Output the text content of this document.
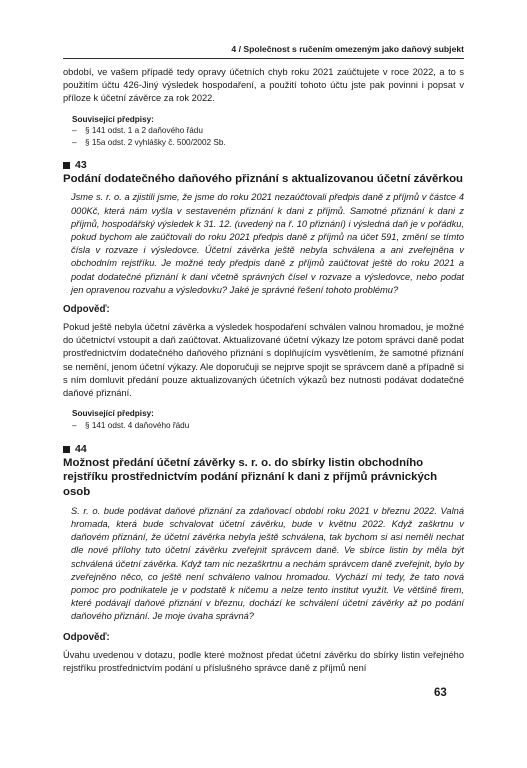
4 / Společnost s ručením omezeným jako daňový subjekt

období, ve vašem případě tedy opravy účetních chyb roku 2021 zaúčtujete v roce 2022, a to s použitím účtu 426-Jiný výsledek hospodaření, a použití tohoto účtu jste pak povinni i popsat v příloze k účetní závěrce za rok 2022.

Související předpisy:
–	§ 141 odst. 1 a 2 daňového řádu
–	§ 15a odst. 2 vyhlášky č. 500/2002 Sb.
43
Podání dodatečného daňového přiznání s aktualizovanou účetní závěrkou

Jsme s. r. o. a zjistili jsme, že jsme do roku 2021 nezaúčtovali předpis daně z příjmů v částce 4 000Kč, která nám vyšla v sestaveném přiznání k dani z příjmů. Samotné přiznání k dani z příjmů, hospodářský výsledek k 31. 12. (uvedený na ř. 10 přiznání) i výsledná daň je v pořádku, pokud bychom ale zaúčtovali do roku 2021 předpis daně z příjmů na účet 591, změní se tímto čísla v rozvaze i výsledovce. Účetní závěrka ještě nebyla schválena a ani zveřejněna v obchodním rejstříku. Je možné tedy předpis daně z příjmů zaúčtovat ještě do roku 2021 a podat dodatečné přiznání k dani včetně správných čísel v rozvaze a výsledovce, nebo podat jen opravenou rozvahu a výsledovku? Jaké je správné řešení tohoto problému?

Odpověď:

Pokud ještě nebyla účetní závěrka a výsledek hospodaření schválen valnou hromadou, je možné do účetnictví vstoupit a daň zaúčtovat. Aktualizované účetní výkazy lze potom správci daně podat prostřednictvím dodatečného daňového přiznání s doplňujícím vysvětlením, že samotné přiznání se nemění, jenom účetní výkazy. Ale doporučuji se nejprve spojit se správcem daně a případně si s ním domluvit předání pouze aktualizovaných účetních výkazů bez nutnosti podávat dodatečné daňové přiznání.

Související předpisy:
–	§ 141 odst. 4 daňového řádu
44
Možnost předání účetní závěrky s. r. o. do sbírky listin obchodního rejstříku prostřednictvím podání přiznání k dani z příjmů právnických osob

S. r. o. bude podávat daňové přiznání za zdaňovací období roku 2021 v březnu 2022. Valná hromada, která bude schvalovat účetní závěrku, bude v květnu 2022. Když zaškrtnu v daňovém přiznání, že účetní závěrka nebyla ještě schválena, tak bychom si asi neměli nechat dle nové přílohy tuto účetní závěrku zveřejnit správcem daně. Ve sbírce listin by měla být schválená účetní závěrka. Když tam nic nezaškrtnu a nechám správcem daně zveřejnit, bylo by zveřejněno něco, co ještě není schváleno valnou hromadou. Vychází mi tedy, že tato nová pomoc pro podnikatele je v podstatě k ničemu a nelze tento institut využít. Ve většině firem, které podávají daňové přiznání v březnu, dochází ke schválení účetní závěrky až po podání daňového přiznání. Je moje úvaha správná?

Odpověď:

Úvahu uvedenou v dotazu, podle které možnost předat účetní závěrku do sbírky listin veřejného rejstříku prostřednictvím podání u příslušného správce daně z příjmů není

63
